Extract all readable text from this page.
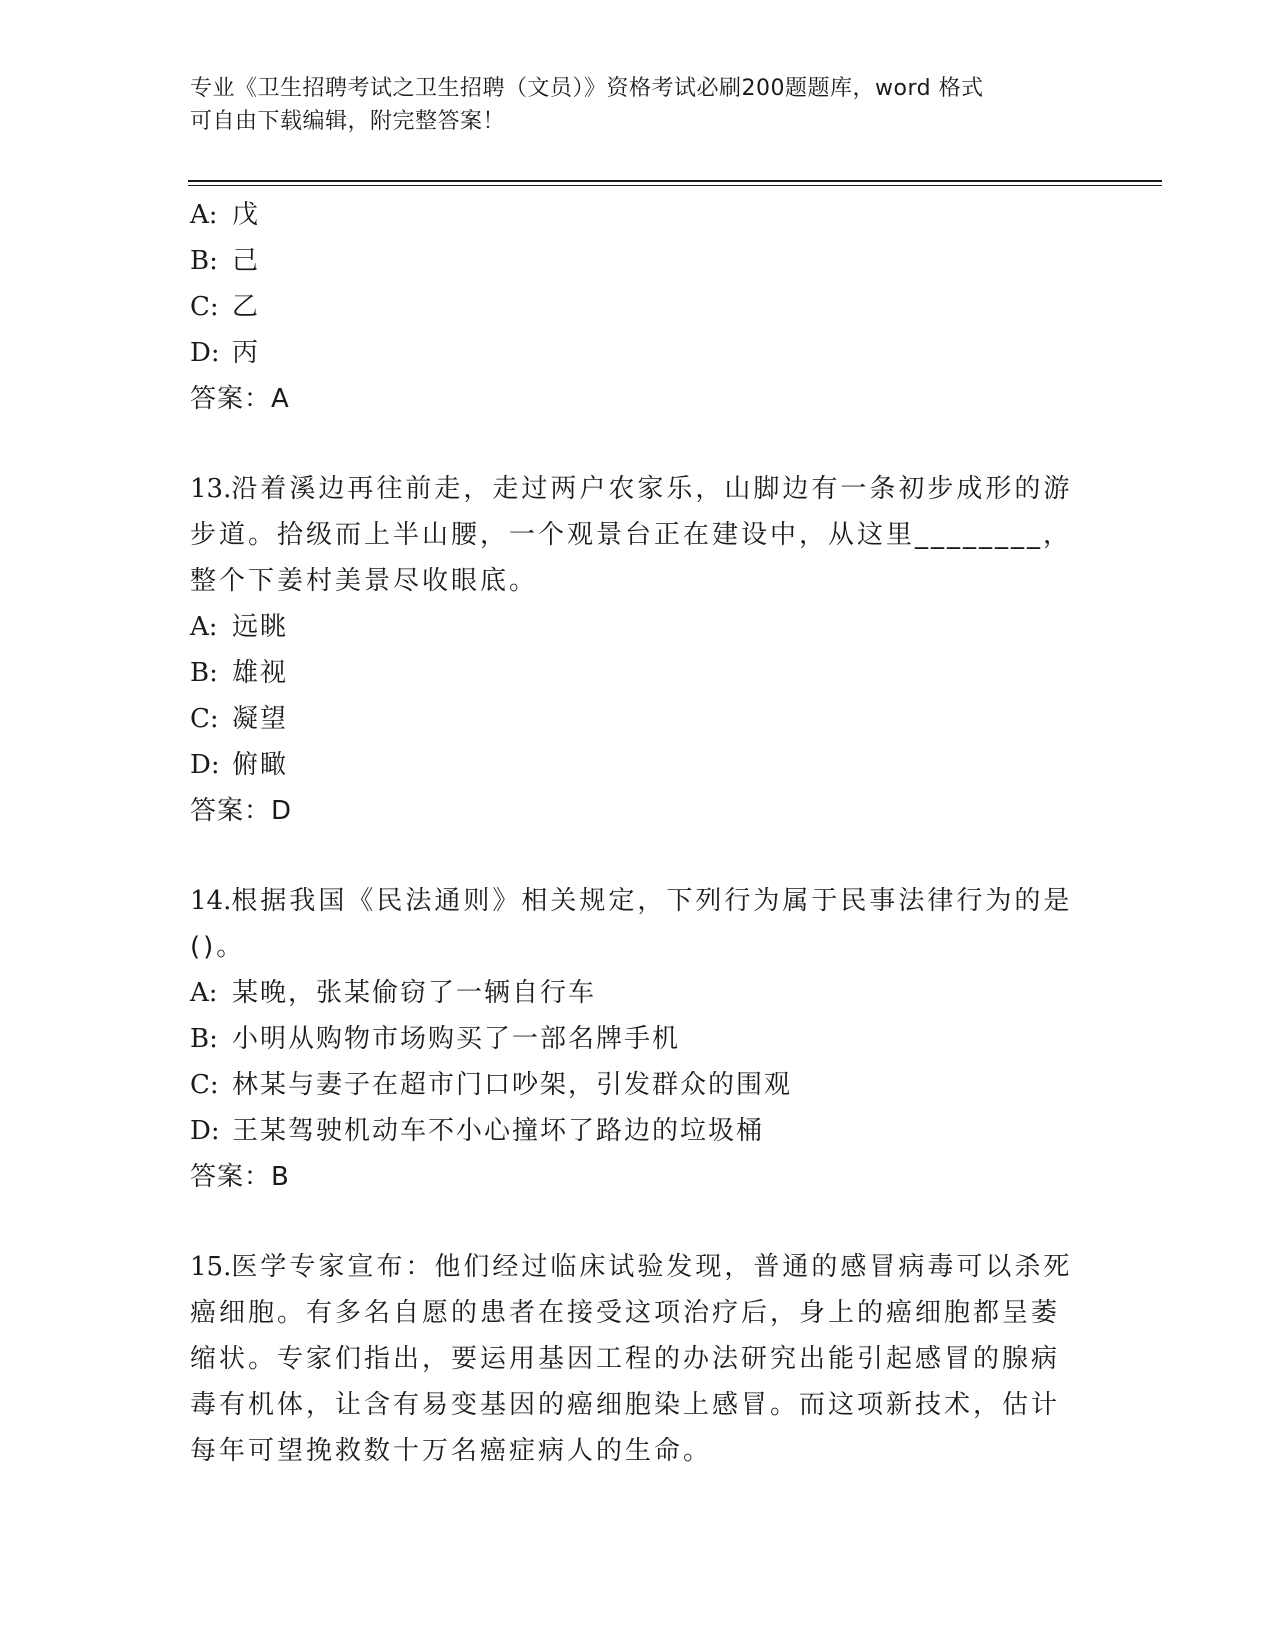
专业《卫生招聘考试之卫生招聘（文员）》资格考试必刷200题题库，word 格式
可自由下载编辑，附完整答案！
A: 戊
B: 己
C: 乙
D: 丙
答案：A
13.沿着溪边再往前走，走过两户农家乐，山脚边有一条初步成形的游
步道。拾级而上半山腰，一个观景台正在建设中，从这里________，
整个下姜村美景尽收眼底。
A: 远眺
B: 雄视
C: 凝望
D: 俯瞰
答案：D
14.根据我国《民法通则》相关规定，下列行为属于民事法律行为的是
()。
A: 某晚，张某偷窃了一辆自行车
B: 小明从购物市场购买了一部名牌手机
C: 林某与妻子在超市门口吵架，引发群众的围观
D: 王某驾驶机动车不小心撞坏了路边的垃圾桶
答案：B
15.医学专家宣布：他们经过临床试验发现，普通的感冒病毒可以杀死
癌细胞。有多名自愿的患者在接受这项治疗后，身上的癌细胞都呈萎
缩状。专家们指出，要运用基因工程的办法研究出能引起感冒的腺病
毒有机体，让含有易变基因的癌细胞染上感冒。而这项新技术，估计
每年可望挽救数十万名癌症病人的生命。
